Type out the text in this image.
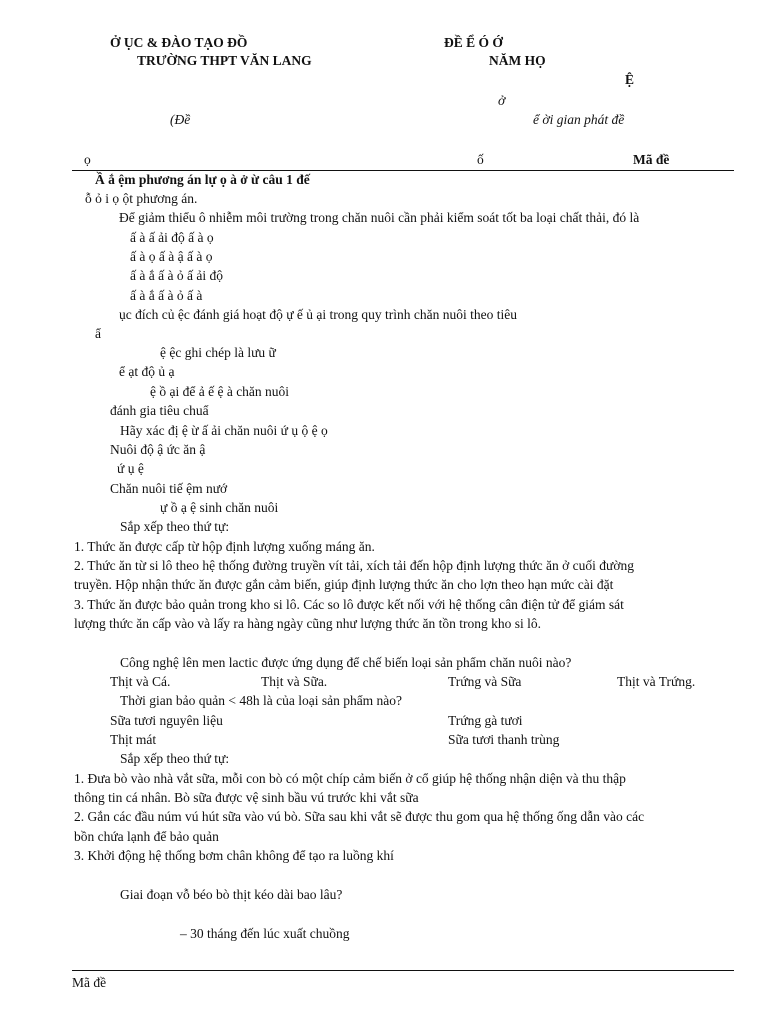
Ở ỤC & ĐÀO TẠO ĐỒ
TRƯỜNG THPT VĂN LANG
ĐỀ Ể Ó Ớ
NĂM HỌ
Ệ
ở
(Đề	ể ời gian phát đề
ọ	ố	Mã đề
Ầ ắ ệm phương án lự ọ à ở ừ câu 1 đế
ỗ ỏ i ọ ột phương án.
Để giảm thiểu ô nhiễm môi trường trong chăn nuôi cần phải kiểm soát tốt ba loại chất thải, đó là
ấ à ấ ải độ ấ à ọ
ấ à ọ ấ à ậ ấ à ọ
ấ à ắ ấ à ỏ ấ ải độ
ấ à ắ ấ à ỏ ấ à
ục đích củ ệc đánh giá hoạt độ ự ế ủ ại trong quy trình chăn nuôi theo tiêu
ẩ
ệ ệc ghi chép là lưu ữ
ể ạt độ ủ ạ
ệ ồ ại để ả ế ệ à chăn nuôi
đánh gia tiêu chuẩ
Hãy xác đị ệ ừ ấ ải chăn nuôi ứ ụ ộ ệ ọ
Nuôi độ ậ ức ăn ậ
ứ ụ ệ
Chăn nuôi tiế ệm nướ
ự ồ ạ ệ sinh chăn nuôi
Sắp xếp theo thứ tự:
1. Thức ăn được cấp từ hộp định lượng xuống máng ăn.
2. Thức ăn từ si lô theo hệ thống đường truyền vít tải, xích tải đến hộp định lượng thức ăn ở cuối đường
truyền. Hộp nhận thức ăn được gắn cảm biến, giúp định lượng thức ăn cho lợn theo hạn mức cài đặt
3. Thức ăn được bảo quản trong kho si lô. Các so lô được kết nối với hệ thống cân điện tử để giám sát
lượng thức ăn cấp vào và lấy ra hàng ngày cũng như lượng thức ăn tồn trong kho si lô.
Công nghệ lên men lactic được ứng dụng để chế biến loại sản phẩm chăn nuôi nào?
Thịt và Cá.	Thịt và Sữa.	Trứng và Sữa	Thịt và Trứng.
Thời gian bảo quản < 48h là của loại sản phẩm nào?
Sữa tươi nguyên liệu	Trứng gà tươi
Thịt mát	Sữa tươi thanh trùng
Sắp xếp theo thứ tự:
1. Đưa bò vào nhà vắt sữa, mỗi con bò có một chíp cảm biến ở cổ giúp hệ thống nhận diện và thu thập
thông tin cá nhân. Bò sữa được vệ sinh bầu vú trước khi vắt sữa
2. Gắn các đầu núm vú hút sữa vào vú bò. Sữa sau khi vắt sẽ được thu gom qua hệ thống ống dẫn vào các
bồn chứa lạnh để bảo quản
3. Khởi động hệ thống bơm chân không để tạo ra luồng khí
Giai đoạn vỗ béo bò thịt kéo dài bao lâu?
– 30 tháng đến lúc xuất chuồng
Mã đề
